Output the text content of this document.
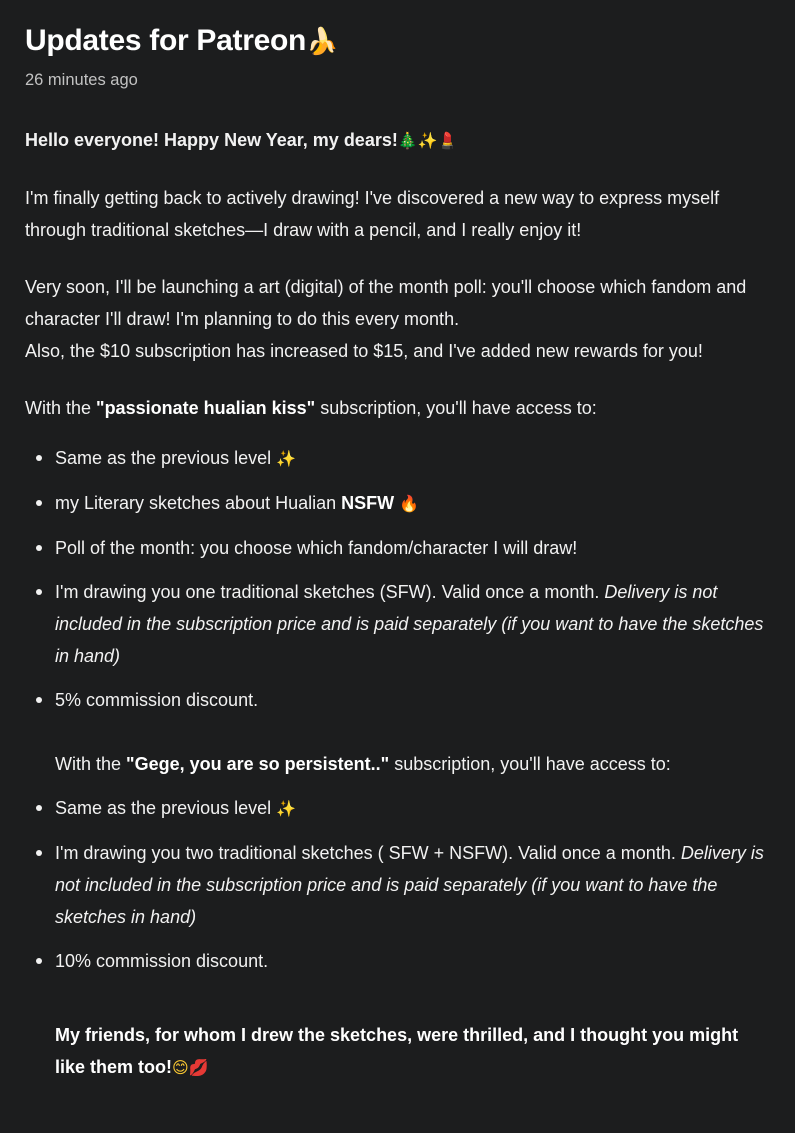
Updates for Patreon🍌
26 minutes ago

Hello everyone! Happy New Year, my dears!🎄✨💄

I'm finally getting back to actively drawing! I've discovered a new way to express myself through traditional sketches—I draw with a pencil, and I really enjoy it!

Very soon, I'll be launching a art (digital) of the month poll: you'll choose which fandom and character I'll draw! I'm planning to do this every month.
Also, the $10 subscription has increased to $15, and I've added new rewards for you!

With the "passionate hualian kiss" subscription, you'll have access to:

Same as the previous level ✨
my Literary sketches about Hualian NSFW 🔥
Poll of the month: you choose which fandom/character I will draw!
I'm drawing you one traditional sketches (SFW). Valid once a month. Delivery is not included in the subscription price and is paid separately (if you want to have the sketches in hand)
5% commission discount.

With the "Gege, you are so persistent.." subscription, you'll have access to:

Same as the previous level ✨
I'm drawing you two traditional sketches ( SFW + NSFW). Valid once a month. Delivery is not included in the subscription price and is paid separately (if you want to have the sketches in hand)
10% commission discount.

My friends, for whom I drew the sketches, were thrilled, and I thought you might like them too!😊💋
